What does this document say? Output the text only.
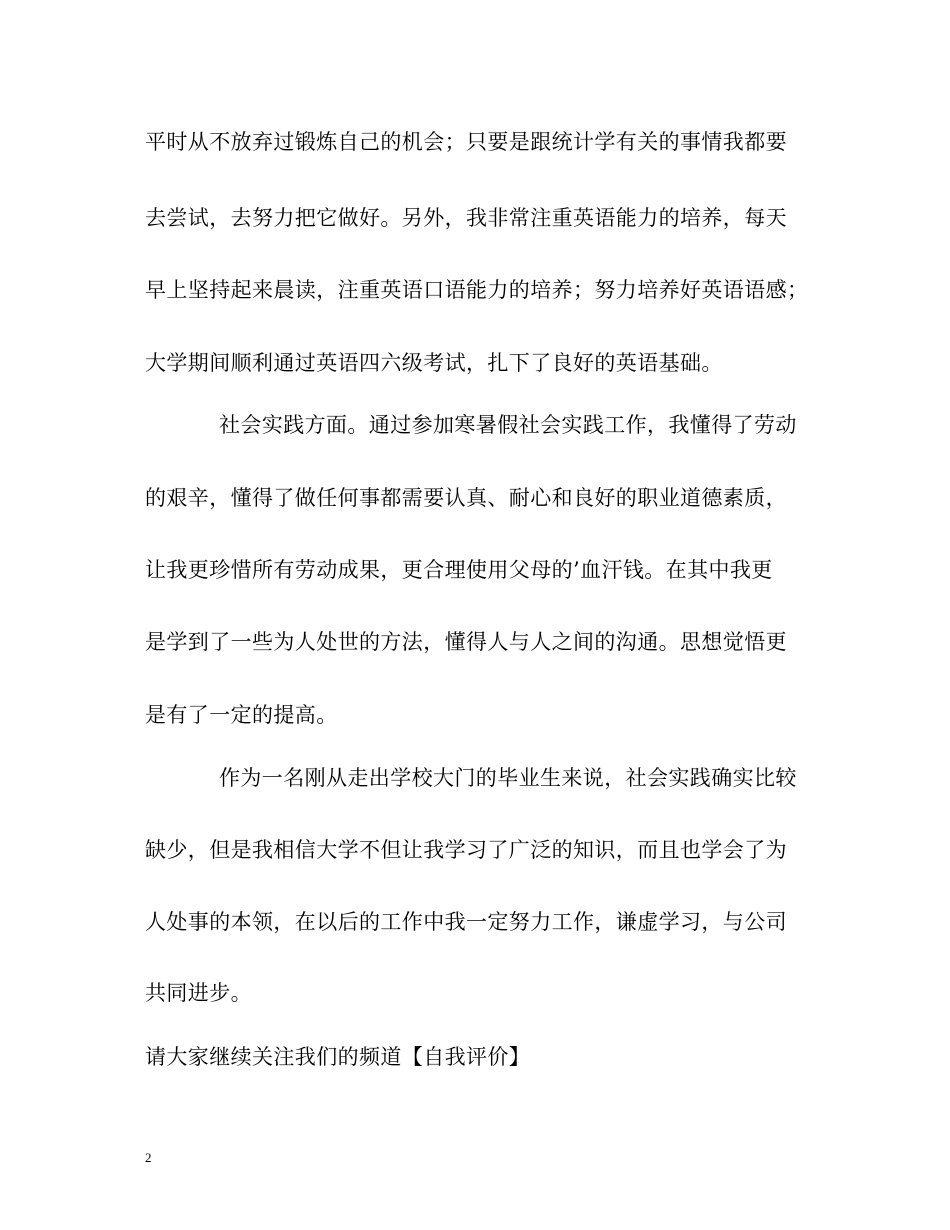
平时从不放弃过锻炼自己的机会；只要是跟统计学有关的事情我都要
去尝试，去努力把它做好。另外，我非常注重英语能力的培养，每天
早上坚持起来晨读，注重英语口语能力的培养；努力培养好英语语感；
大学期间顺利通过英语四六级考试，扎下了良好的英语基础。
社会实践方面。通过参加寒暑假社会实践工作，我懂得了劳动
的艰辛，懂得了做任何事都需要认真、耐心和良好的职业道德素质，
让我更珍惜所有劳动成果，更合理使用父母的’血汗钱。在其中我更
是学到了一些为人处世的方法，懂得人与人之间的沟通。思想觉悟更
是有了一定的提高。
作为一名刚从走出学校大门的毕业生来说，社会实践确实比较
缺少，但是我相信大学不但让我学习了广泛的知识，而且也学会了为
人处事的本领，在以后的工作中我一定努力工作，谦虚学习，与公司
共同进步。
请大家继续关注我们的频道【自我评价】
2
